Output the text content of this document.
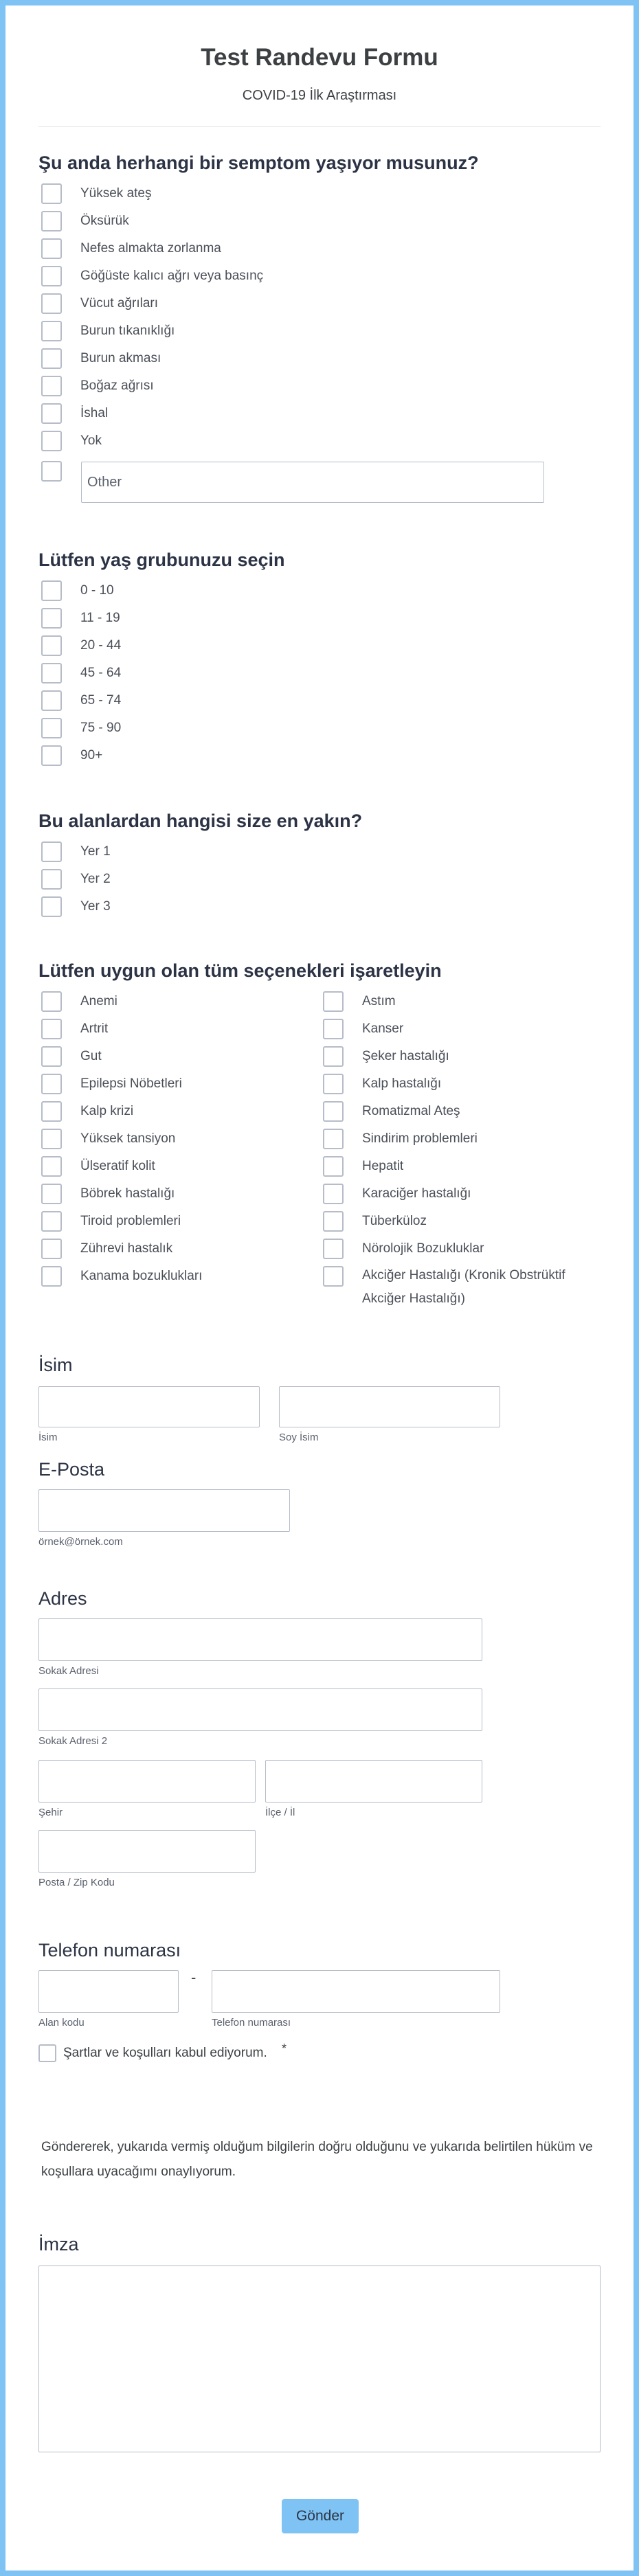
Test Randevu Formu
COVID-19 İlk Araştırması
Şu anda herhangi bir semptom yaşıyor musunuz?
Yüksek ateş
Öksürük
Nefes almakta zorlanma
Göğüste kalıcı ağrı veya basınç
Vücut ağrıları
Burun tıkanıklığı
Burun akması
Boğaz ağrısı
İshal
Yok
Other
Lütfen yaş grubunuzu seçin
0 - 10
11 - 19
20 - 44
45 - 64
65 - 74
75 - 90
90+
Bu alanlardan hangisi size en yakın?
Yer 1
Yer 2
Yer 3
Lütfen uygun olan tüm seçenekleri işaretleyin
Anemi
Artrit
Gut
Epilepsi Nöbetleri
Kalp krizi
Yüksek tansiyon
Ülseratif kolit
Böbrek hastalığı
Tiroid problemleri
Zührevi hastalık
Kanama bozuklukları
Astım
Kanser
Şeker hastalığı
Kalp hastalığı
Romatizmal Ateş
Sindirim problemleri
Hepatit
Karaciğer hastalığı
Tüberküloz
Nörolojik Bozukluklar
Akciğer Hastalığı (Kronik Obstrüktif Akciğer Hastalığı)
İsim
İsim	Soy İsim
E-Posta
örnek@örnek.com
Adres
Sokak Adresi
Sokak Adresi 2
Şehir	İlçe / İl
Posta / Zip Kodu
Telefon numarası
-
Alan kodu	Telefon numarası
Şartlar ve koşulları kabul ediyorum. *
Göndererek, yukarıda vermiş olduğum bilgilerin doğru olduğunu ve yukarıda belirtilen hüküm ve koşullara uyacağımı onaylıyorum.
İmza
Gönder
